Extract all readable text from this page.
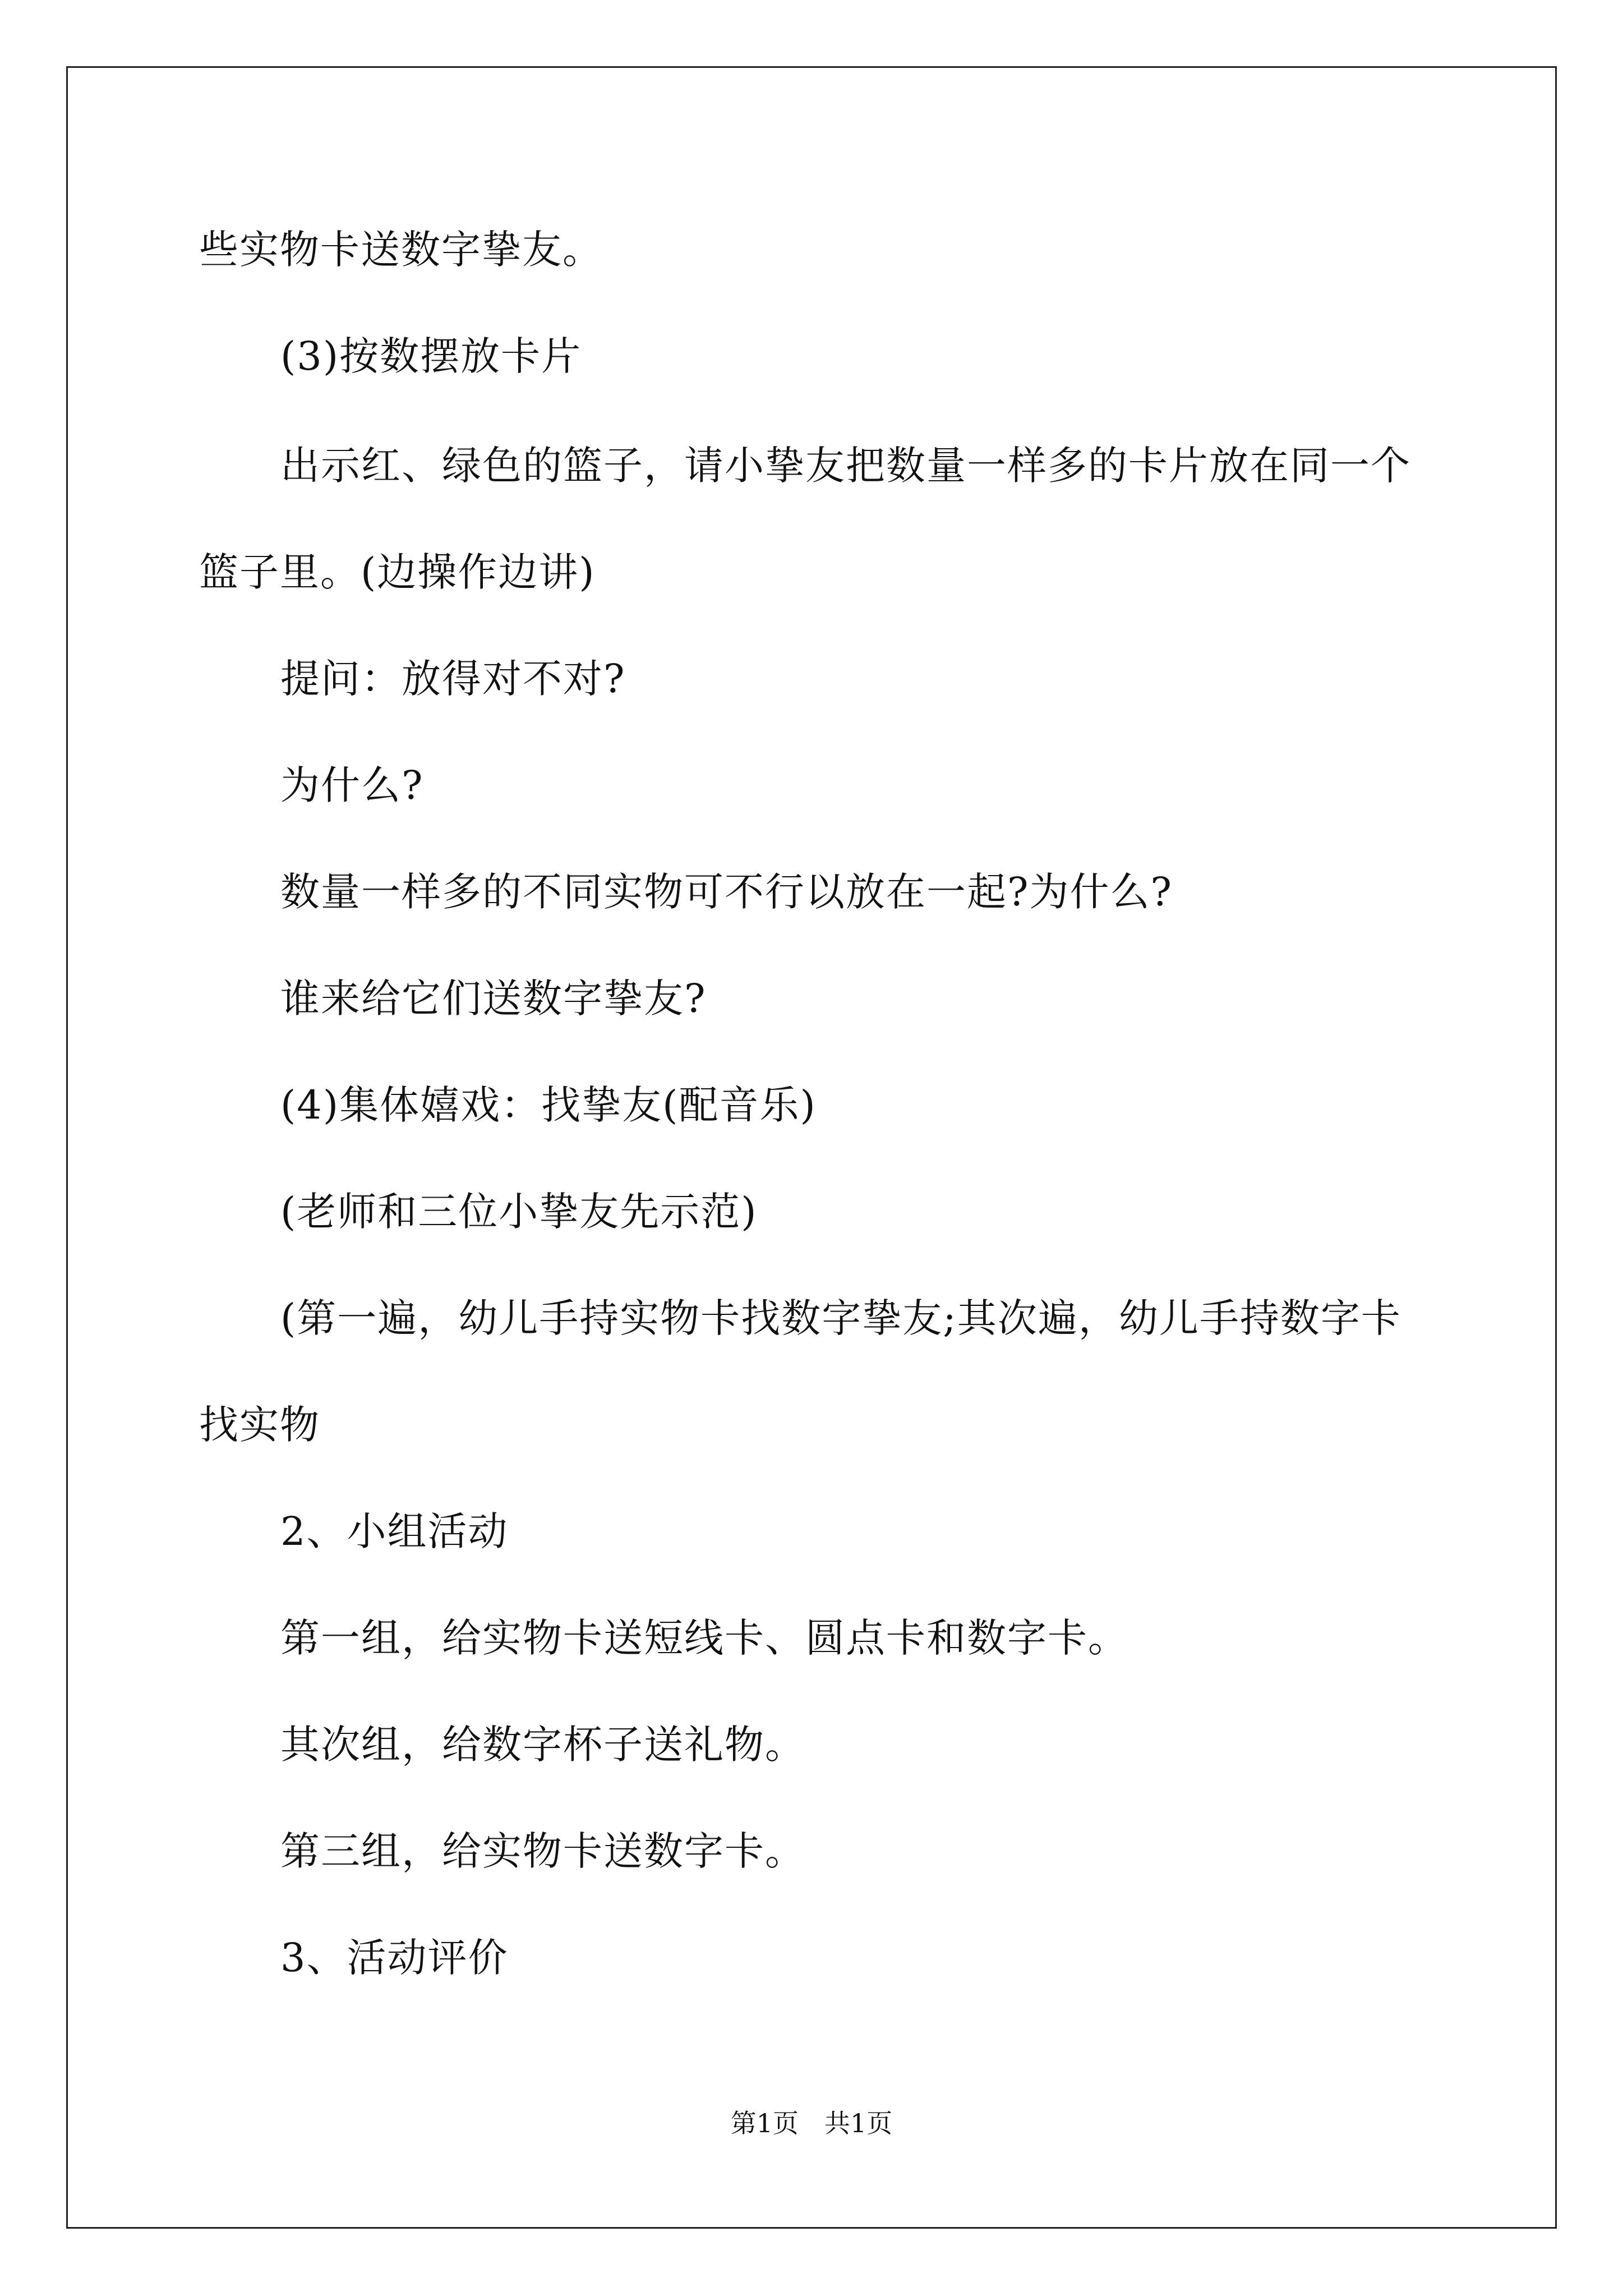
些实物卡送数字挚友。
(3)按数摆放卡片
出示红、绿色的篮子，请小挚友把数量一样多的卡片放在同一个
篮子里。(边操作边讲)
提问：放得对不对?
为什么?
数量一样多的不同实物可不行以放在一起?为什么?
谁来给它们送数字挚友?
(4)集体嬉戏：找挚友(配音乐)
(老师和三位小挚友先示范)
(第一遍，幼儿手持实物卡找数字挚友;其次遍，幼儿手持数字卡
找实物
2、小组活动
第一组，给实物卡送短线卡、圆点卡和数字卡。
其次组，给数字杯子送礼物。
第三组，给实物卡送数字卡。
3、活动评价
第1页　共1页
